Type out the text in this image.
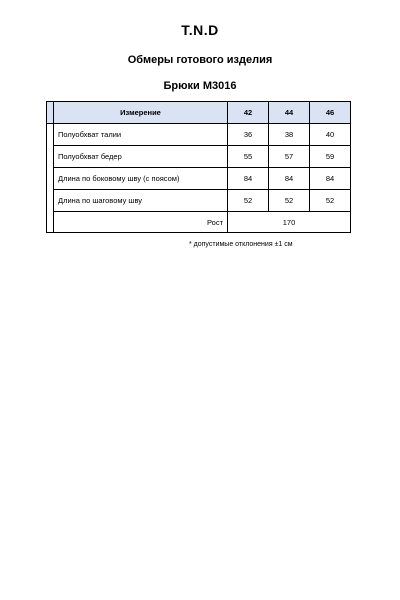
T.N.D
Обмеры готового изделия
Брюки М3016
	Измерение	42	44	46
	Полуобхват талии	36	38	40
	Полуобхват бедер	55	57	59
	Длина по боковому шву (с поясом)	84	84	84
	Длина по шаговому шву	52	52	52
	Рост	170		
* допустимые отклонения ±1 см
